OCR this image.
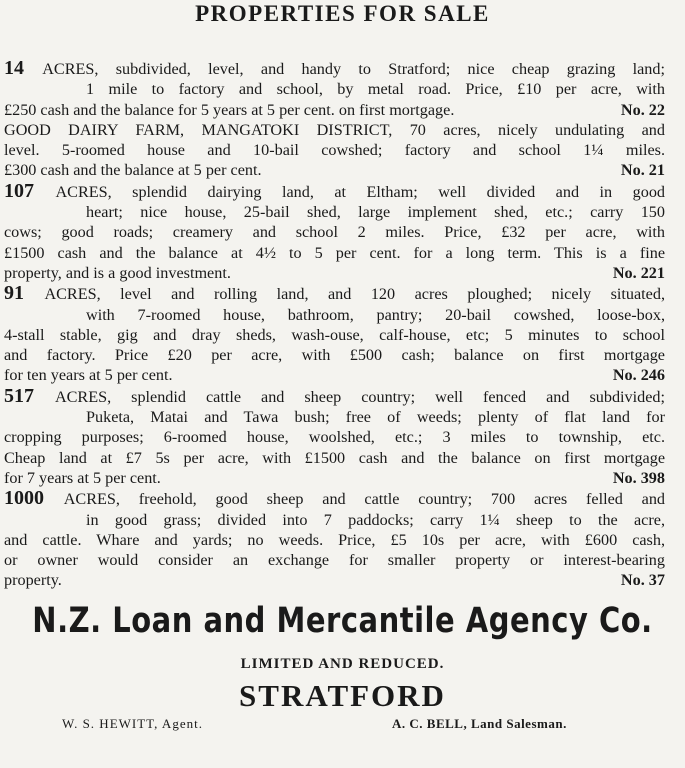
PROPERTIES FOR SALE
14 ACRES, subdivided, level, and handy to Stratford; nice cheap grazing land;
1 mile to factory and school, by metal road. Price, £10 per acre, with
No. 22
£250 cash and the balance for 5 years at 5 per cent. on first mortgage.
GOOD DAIRY FARM, MANGATOKI DISTRICT, 70 acres, nicely undulating and
level. 5-roomed house and 10-bail cowshed; factory and school 1¼ miles.
No. 21
£300 cash and the balance at 5 per cent.
107 ACRES, splendid dairying land, at Eltham; well divided and in good
heart; nice house, 25-bail shed, large implement shed, etc.; carry 150
cows; good roads; creamery and school 2 miles. Price, £32 per acre, with
£1500 cash and the balance at 4½ to 5 per cent. for a long term. This is a fine
No. 221
property, and is a good investment.
91 ACRES, level and rolling land, and 120 acres ploughed; nicely situated,
with 7-roomed house, bathroom, pantry; 20-bail cowshed, loose-box,
4-stall stable, gig and dray sheds, wash-ouse, calf-house, etc; 5 minutes to school
and factory. Price £20 per acre, with £500 cash; balance on first mortgage
No. 246
for ten years at 5 per cent.
517 ACRES, splendid cattle and sheep country; well fenced and subdivided;
Puketa, Matai and Tawa bush; free of weeds; plenty of flat land for
cropping purposes; 6-roomed house, woolshed, etc.; 3 miles to township, etc.
Cheap land at £7 5s per acre, with £1500 cash and the balance on first mortgage
No. 398
for 7 years at 5 per cent.
1000 ACRES, freehold, good sheep and cattle country; 700 acres felled and
in good grass; divided into 7 paddocks; carry 1¼ sheep to the acre,
and cattle. Whare and yards; no weeds. Price, £5 10s per acre, with £600 cash,
or owner would consider an exchange for smaller property or interest-bearing
No. 37
property.
N.Z. Loan and Mercantile Agency Co.
LIMITED AND REDUCED.
STRATFORD
W. S. HEWITT, Agent.	A. C. BELL, Land Salesman.
